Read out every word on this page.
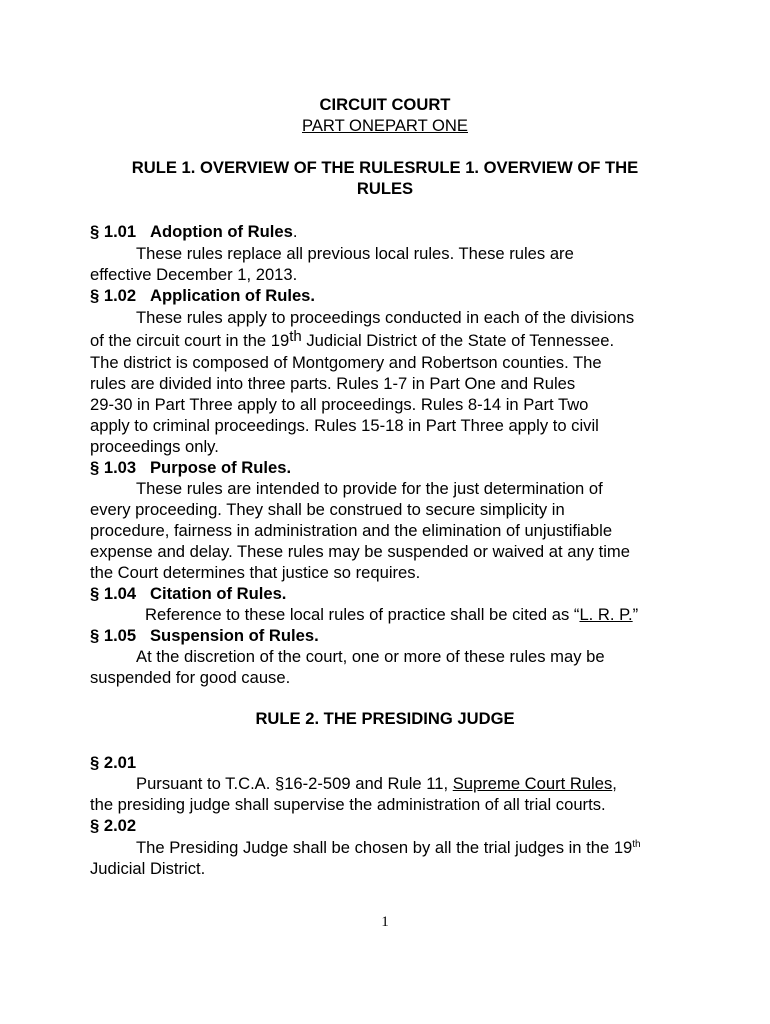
CIRCUIT COURT
PART ONEPART ONE
RULE 1. OVERVIEW OF THE RULESRULE 1. OVERVIEW OF THE
RULES
§ 1.01 Adoption of Rules.
These rules replace all previous local rules. These rules are
effective December 1, 2013.
§ 1.02 Application of Rules.
These rules apply to proceedings conducted in each of the divisions
of the circuit court in the 19th Judicial District of the State of Tennessee.
The district is composed of Montgomery and Robertson counties. The
rules are divided into three parts. Rules 1-7 in Part One and Rules
29-30 in Part Three apply to all proceedings. Rules 8-14 in Part Two
apply to criminal proceedings. Rules 15-18 in Part Three apply to civil
proceedings only.
§ 1.03 Purpose of Rules.
These rules are intended to provide for the just determination of
every proceeding. They shall be construed to secure simplicity in
procedure, fairness in administration and the elimination of unjustifiable
expense and delay. These rules may be suspended or waived at any time
the Court determines that justice so requires.
§ 1.04 Citation of Rules.
Reference to these local rules of practice shall be cited as “L. R. P.”
§ 1.05 Suspension of Rules.
At the discretion of the court, one or more of these rules may be
suspended for good cause.
RULE 2. THE PRESIDING JUDGE
§ 2.01
Pursuant to T.C.A. §16-2-509 and Rule 11, Supreme Court Rules,
the presiding judge shall supervise the administration of all trial courts.
§ 2.02
The Presiding Judge shall be chosen by all the trial judges in the 19th
Judicial District.
1
